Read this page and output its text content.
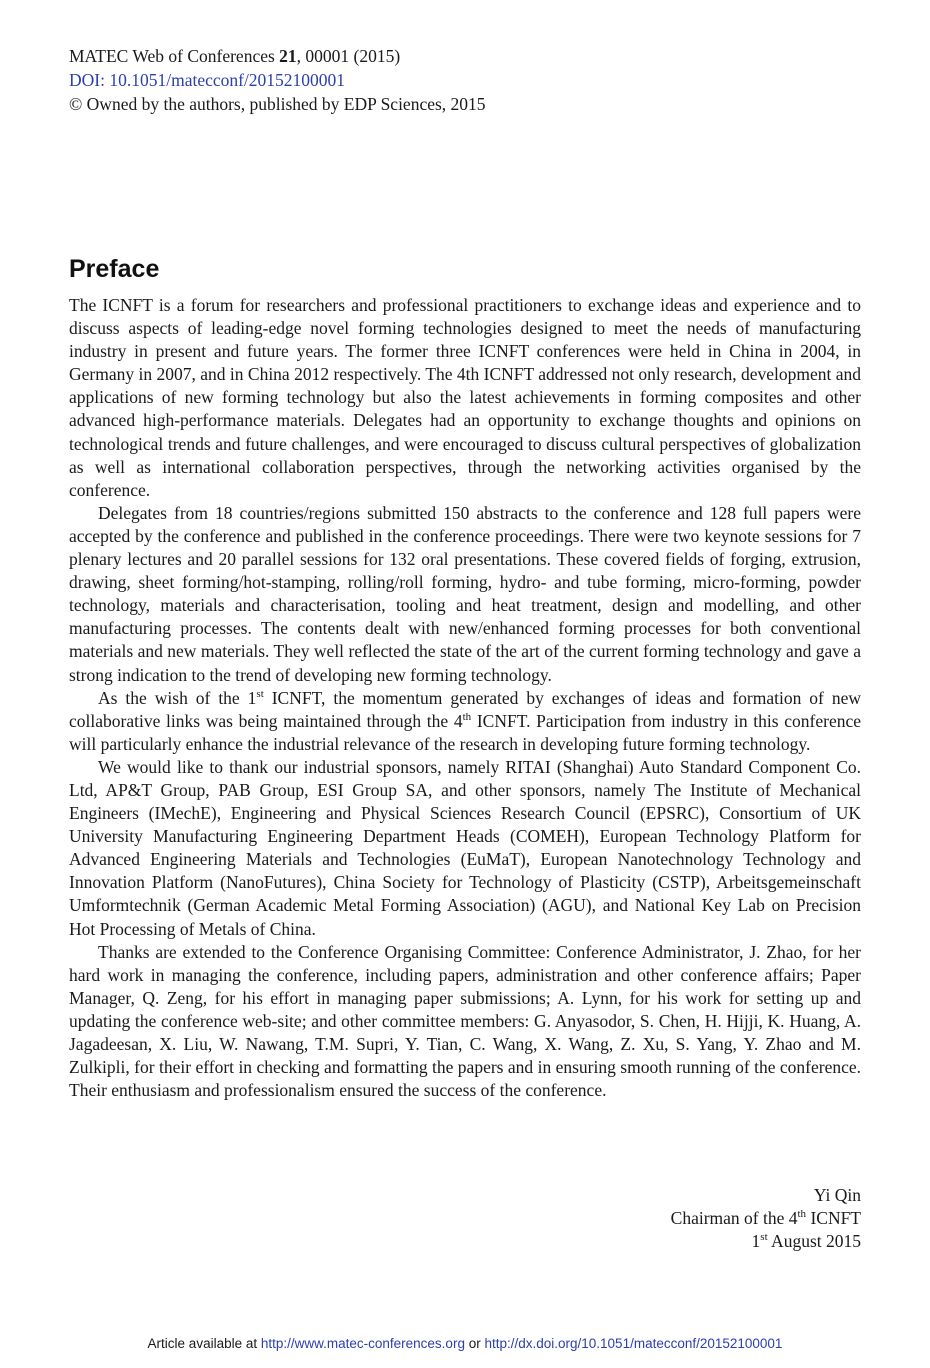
MATEC Web of Conferences 21, 00001 (2015)
DOI: 10.1051/matecconf/20152100001
© Owned by the authors, published by EDP Sciences, 2015
Preface

The ICNFT is a forum for researchers and professional practitioners to exchange ideas and experience and to discuss aspects of leading-edge novel forming technologies designed to meet the needs of manufacturing industry in present and future years. The former three ICNFT conferences were held in China in 2004, in Germany in 2007, and in China 2012 respectively. The 4th ICNFT addressed not only research, development and applications of new forming technology but also the latest achievements in forming composites and other advanced high-performance materials. Delegates had an opportunity to exchange thoughts and opinions on technological trends and future challenges, and were encouraged to discuss cultural perspectives of globalization as well as international collaboration perspectives, through the networking activities organised by the conference.

Delegates from 18 countries/regions submitted 150 abstracts to the conference and 128 full papers were accepted by the conference and published in the conference proceedings. There were two keynote sessions for 7 plenary lectures and 20 parallel sessions for 132 oral presentations. These covered fields of forging, extrusion, drawing, sheet forming/hot-stamping, rolling/roll forming, hydro- and tube forming, micro-forming, powder technology, materials and characterisation, tooling and heat treatment, design and modelling, and other manufacturing processes. The contents dealt with new/enhanced forming processes for both conventional materials and new materials. They well reflected the state of the art of the current forming technology and gave a strong indication to the trend of developing new forming technology.

As the wish of the 1st ICNFT, the momentum generated by exchanges of ideas and formation of new collaborative links was being maintained through the 4th ICNFT. Participation from industry in this conference will particularly enhance the industrial relevance of the research in developing future forming technology.

We would like to thank our industrial sponsors, namely RITAI (Shanghai) Auto Standard Component Co. Ltd, AP&T Group, PAB Group, ESI Group SA, and other sponsors, namely The Institute of Mechanical Engineers (IMechE), Engineering and Physical Sciences Research Council (EPSRC), Consortium of UK University Manufacturing Engineering Department Heads (COMEH), European Technology Platform for Advanced Engineering Materials and Technologies (EuMaT), European Nanotechnology Technology and Innovation Platform (NanoFutures), China Society for Technology of Plasticity (CSTP), Arbeitsgemeinschaft Umformtechnik (German Academic Metal Forming Association) (AGU), and National Key Lab on Precision Hot Processing of Metals of China.

Thanks are extended to the Conference Organising Committee: Conference Administrator, J. Zhao, for her hard work in managing the conference, including papers, administration and other conference affairs; Paper Manager, Q. Zeng, for his effort in managing paper submissions; A. Lynn, for his work for setting up and updating the conference web-site; and other committee members: G. Anyasodor, S. Chen, H. Hijji, K. Huang, A. Jagadeesan, X. Liu, W. Nawang, T.M. Supri, Y. Tian, C. Wang, X. Wang, Z. Xu, S. Yang, Y. Zhao and M. Zulkipli, for their effort in checking and formatting the papers and in ensuring smooth running of the conference. Their enthusiasm and professionalism ensured the success of the conference.

Yi Qin
Chairman of the 4th ICNFT
1st August 2015
Article available at http://www.matec-conferences.org or http://dx.doi.org/10.1051/matecconf/20152100001
